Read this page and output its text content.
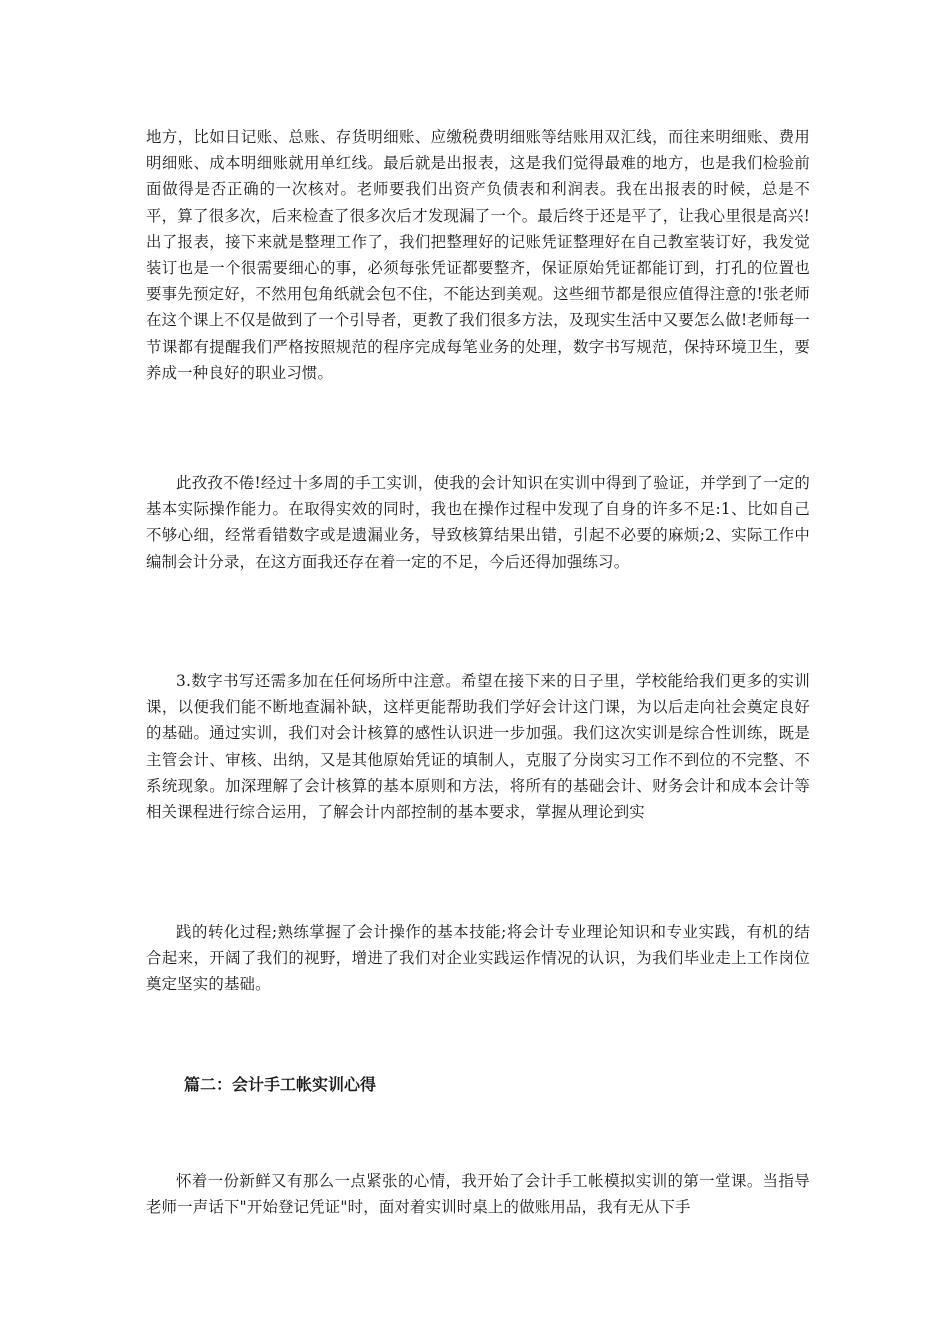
地方，比如日记账、总账、存货明细账、应缴税费明细账等结账用双汇线，而往来明细账、费用明细账、成本明细账就用单红线。最后就是出报表，这是我们觉得最难的地方，也是我们检验前面做得是否正确的一次核对。老师要我们出资产负债表和利润表。我在出报表的时候，总是不平，算了很多次，后来检查了很多次后才发现漏了一个。最后终于还是平了，让我心里很是高兴!出了报表，接下来就是整理工作了，我们把整理好的记账凭证整理好在自己教室装订好，我发觉装订也是一个很需要细心的事，必须每张凭证都要整齐，保证原始凭证都能订到，打孔的位置也要事先预定好，不然用包角纸就会包不住，不能达到美观。这些细节都是很应值得注意的!张老师在这个课上不仅是做到了一个引导者，更教了我们很多方法，及现实生活中又要怎么做!老师每一节课都有提醒我们严格按照规范的程序完成每笔业务的处理，数字书写规范，保持环境卫生，要养成一种良好的职业习惯。

此孜孜不倦!经过十多周的手工实训，使我的会计知识在实训中得到了验证，并学到了一定的基本实际操作能力。在取得实效的同时，我也在操作过程中发现了自身的许多不足:1、比如自己不够心细，经常看错数字或是遗漏业务，导致核算结果出错，引起不必要的麻烦;2、实际工作中编制会计分录，在这方面我还存在着一定的不足，今后还得加强练习。

3.数字书写还需多加在任何场所中注意。希望在接下来的日子里，学校能给我们更多的实训课，以便我们能不断地查漏补缺，这样更能帮助我们学好会计这门课，为以后走向社会奠定良好的基础。通过实训，我们对会计核算的感性认识进一步加强。我们这次实训是综合性训练，既是主管会计、审核、出纳，又是其他原始凭证的填制人，克服了分岗实习工作不到位的不完整、不系统现象。加深理解了会计核算的基本原则和方法，将所有的基础会计、财务会计和成本会计等相关课程进行综合运用，了解会计内部控制的基本要求，掌握从理论到实

践的转化过程;熟练掌握了会计操作的基本技能;将会计专业理论知识和专业实践，有机的结合起来，开阔了我们的视野，增进了我们对企业实践运作情况的认识，为我们毕业走上工作岗位奠定坚实的基础。

篇二：会计手工帐实训心得

怀着一份新鲜又有那么一点紧张的心情，我开始了会计手工帐模拟实训的第一堂课。当指导老师一声话下"开始登记凭证"时，面对着实训时桌上的做账用品，我有无从下手
